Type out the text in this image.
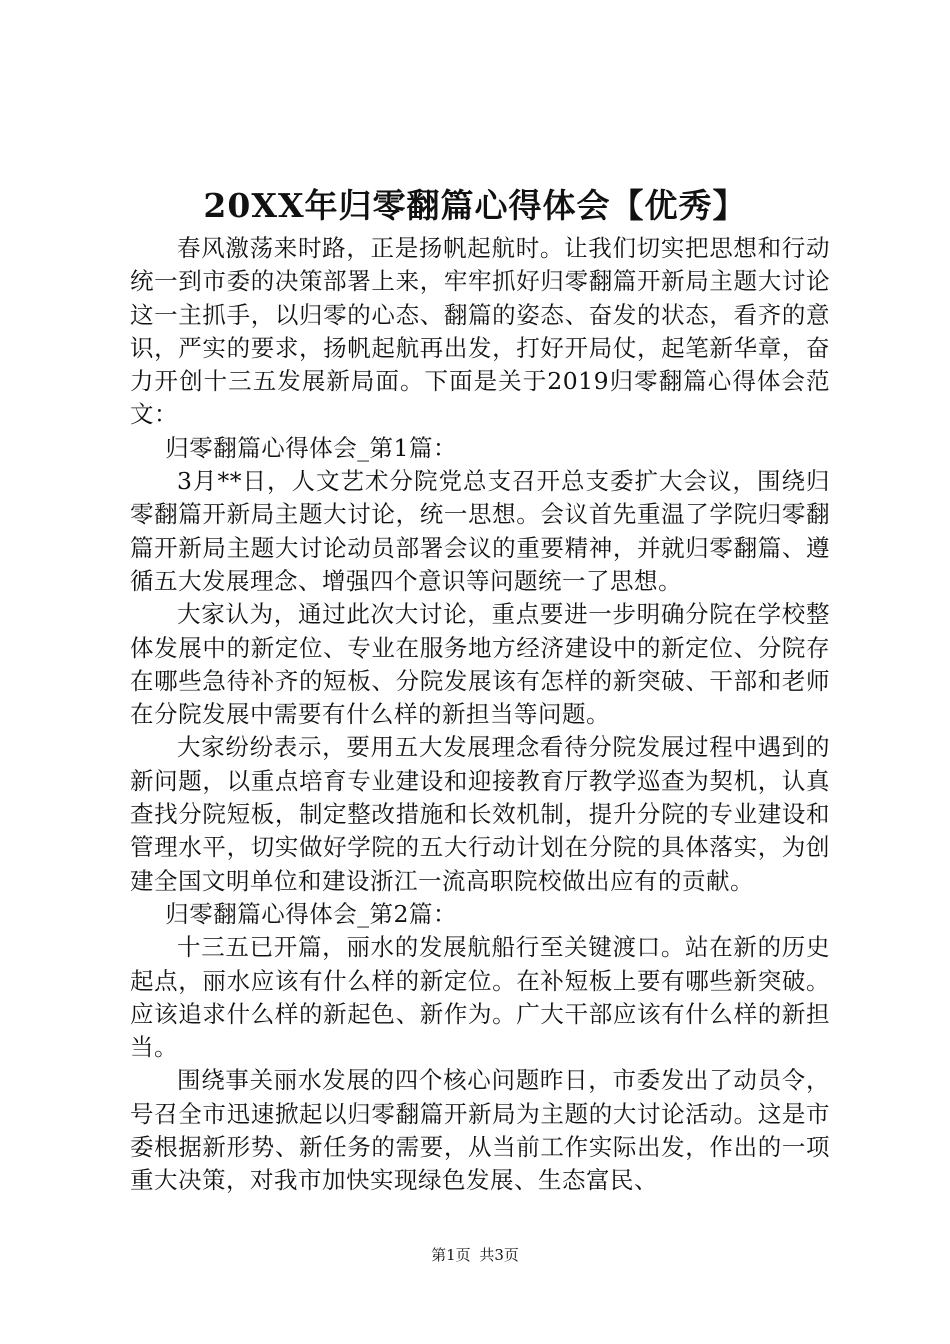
20XX年归零翻篇心得体会【优秀】

春风激荡来时路，正是扬帆起航时。让我们切实把思想和行动统一到市委的决策部署上来，牢牢抓好归零翻篇开新局主题大讨论这一主抓手，以归零的心态、翻篇的姿态、奋发的状态，看齐的意识，严实的要求，扬帆起航再出发，打好开局仗，起笔新华章，奋力开创十三五发展新局面。下面是关于2019归零翻篇心得体会范文：

归零翻篇心得体会_第1篇：

3月**日，人文艺术分院党总支召开总支委扩大会议，围绕归零翻篇开新局主题大讨论，统一思想。会议首先重温了学院归零翻篇开新局主题大讨论动员部署会议的重要精神，并就归零翻篇、遵循五大发展理念、增强四个意识等问题统一了思想。

大家认为，通过此次大讨论，重点要进一步明确分院在学校整体发展中的新定位、专业在服务地方经济建设中的新定位、分院存在哪些急待补齐的短板、分院发展该有怎样的新突破、干部和老师在分院发展中需要有什么样的新担当等问题。

大家纷纷表示，要用五大发展理念看待分院发展过程中遇到的新问题，以重点培育专业建设和迎接教育厅教学巡查为契机，认真查找分院短板，制定整改措施和长效机制，提升分院的专业建设和管理水平，切实做好学院的五大行动计划在分院的具体落实，为创建全国文明单位和建设浙江一流高职院校做出应有的贡献。

归零翻篇心得体会_第2篇：

十三五已开篇，丽水的发展航船行至关键渡口。站在新的历史起点，丽水应该有什么样的新定位。在补短板上要有哪些新突破。应该追求什么样的新起色、新作为。广大干部应该有什么样的新担当。

围绕事关丽水发展的四个核心问题昨日，市委发出了动员令，号召全市迅速掀起以归零翻篇开新局为主题的大讨论活动。这是市委根据新形势、新任务的需要，从当前工作实际出发，作出的一项重大决策，对我市加快实现绿色发展、生态富民、

第1页 共3页
